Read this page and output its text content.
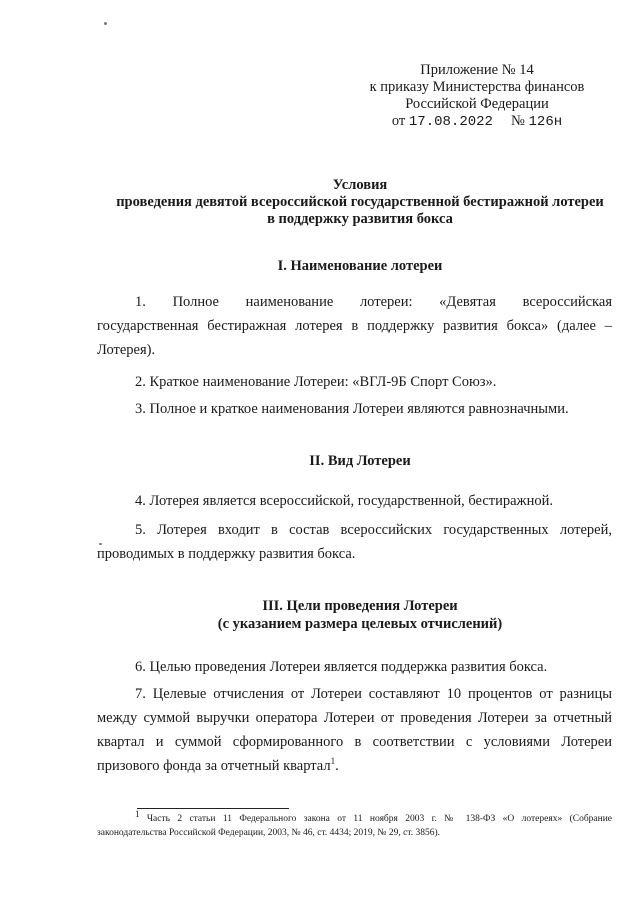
Приложение № 14
к приказу Министерства финансов
Российской Федерации
от 17.08.2022 № 126н
Условия
проведения девятой всероссийской государственной бестиражной лотереи
в поддержку развития бокса
I. Наименование лотереи
1. Полное наименование лотереи: «Девятая всероссийская
государственная бестиражная лотерея в поддержку развития бокса» (далее –
Лотерея).
2. Краткое наименование Лотереи: «ВГЛ-9Б Спорт Союз».
3. Полное и краткое наименования Лотереи являются равнозначными.
II. Вид Лотереи
4. Лотерея является всероссийской, государственной, бестиражной.
5. Лотерея входит в состав всероссийских государственных лотерей,
проводимых в поддержку развития бокса.
III. Цели проведения Лотереи
(с указанием размера целевых отчислений)
6. Целью проведения Лотереи является поддержка развития бокса.
7. Целевые отчисления от Лотереи составляют 10 процентов от разницы
между суммой выручки оператора Лотереи от проведения Лотереи за отчетный
квартал и суммой сформированного в соответствии с условиями Лотереи
призового фонда за отчетный квартал$^1$.
$^1$ Часть 2 статьи 11 Федерального закона от 11 ноября 2003 г. № 138-ФЗ «О лотереях» (Собрание
законодательства Российской Федерации, 2003, № 46, ст. 4434; 2019, № 29, ст. 3856).
